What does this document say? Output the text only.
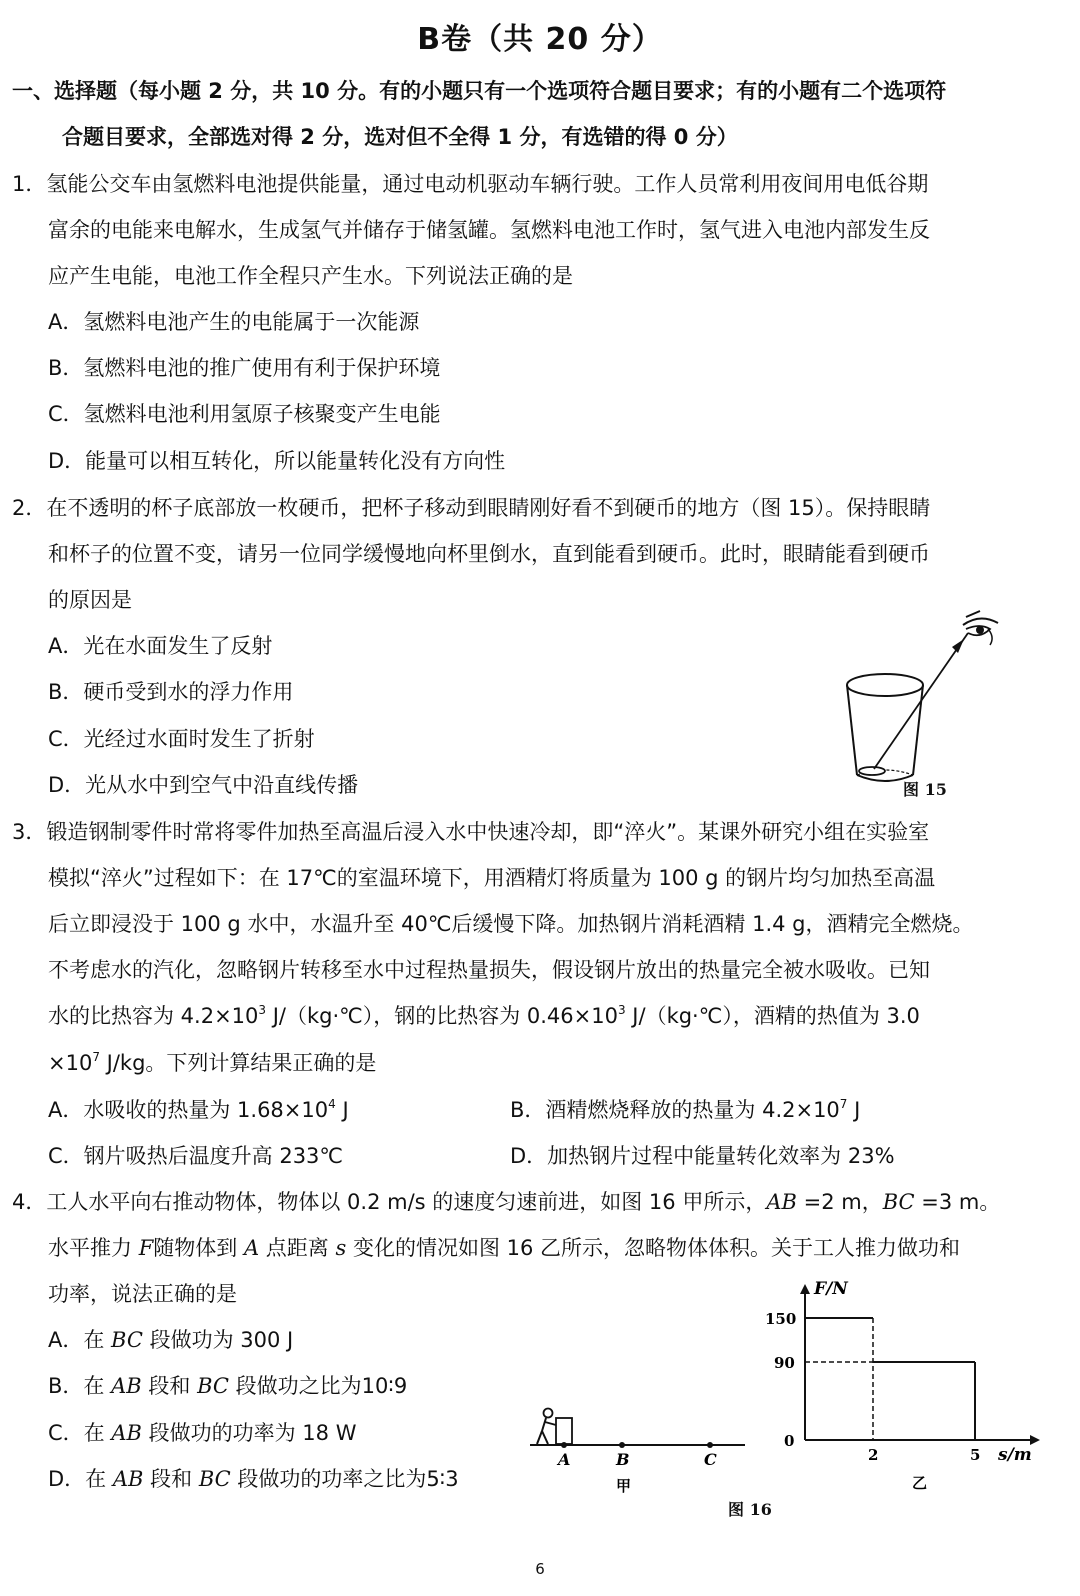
B卷（共 20 分）
一、选择题（每小题 2 分，共 10 分。有的小题只有一个选项符合题目要求；有的小题有二个选项符
合题目要求，全部选对得 2 分，选对但不全得 1 分，有选错的得 0 分）
1．氢能公交车由氢燃料电池提供能量，通过电动机驱动车辆行驶。工作人员常利用夜间用电低谷期
富余的电能来电解水，生成氢气并储存于储氢罐。氢燃料电池工作时，氢气进入电池内部发生反
应产生电能，电池工作全程只产生水。下列说法正确的是
A．氢燃料电池产生的电能属于一次能源
B．氢燃料电池的推广使用有利于保护环境
C．氢燃料电池利用氢原子核聚变产生电能
D．能量可以相互转化，所以能量转化没有方向性
2．在不透明的杯子底部放一枚硬币，把杯子移动到眼睛刚好看不到硬币的地方（图 15）。保持眼睛
和杯子的位置不变，请另一位同学缓慢地向杯里倒水，直到能看到硬币。此时，眼睛能看到硬币
的原因是
A．光在水面发生了反射
B．硬币受到水的浮力作用
C．光经过水面时发生了折射
D．光从水中到空气中沿直线传播	图 15
3．锻造钢制零件时常将零件加热至高温后浸入水中快速冷却，即“淬火”。某课外研究小组在实验室
模拟“淬火”过程如下：在 17℃的室温环境下，用酒精灯将质量为 100 g 的钢片均匀加热至高温
后立即浸没于 100 g 水中，水温升至 40℃后缓慢下降。加热钢片消耗酒精 1.4 g，酒精完全燃烧。
不考虑水的汽化，忽略钢片转移至水中过程热量损失，假设钢片放出的热量完全被水吸收。已知
水的比热容为 $4.2\times 10^3$ J/（kg·℃），钢的比热容为 $0.46\times 10^3$ J/（kg·℃），酒精的热值为 3.0
$\times 10^7$ J/kg。下列计算结果正确的是
A．水吸收的热量为 $1.68\times 10^4$ J	B．酒精燃烧释放的热量为 $4.2\times 10^7$ J
C．钢片吸热后温度升高 233℃	D．加热钢片过程中能量转化效率为 23%
4．工人水平向右推动物体，物体以 0.2 m/s 的速度匀速前进，如图 16 甲所示，AB =2 m，BC =3 m。
水平推力 F随物体到 A 点距离 s 变化的情况如图 16 乙所示，忽略物体体积。关于工人推力做功和
功率，说法正确的是
A．在 BC 段做功为 300 J
B．在 AB 段和 BC 段做功之比为10∶9
C．在 AB 段做功的功率为 18 W
D．在 AB 段和 BC 段做功的功率之比为5∶3
A	B	C
甲
F/N
150
90
0
2	5 s/m
乙
图 16
6
